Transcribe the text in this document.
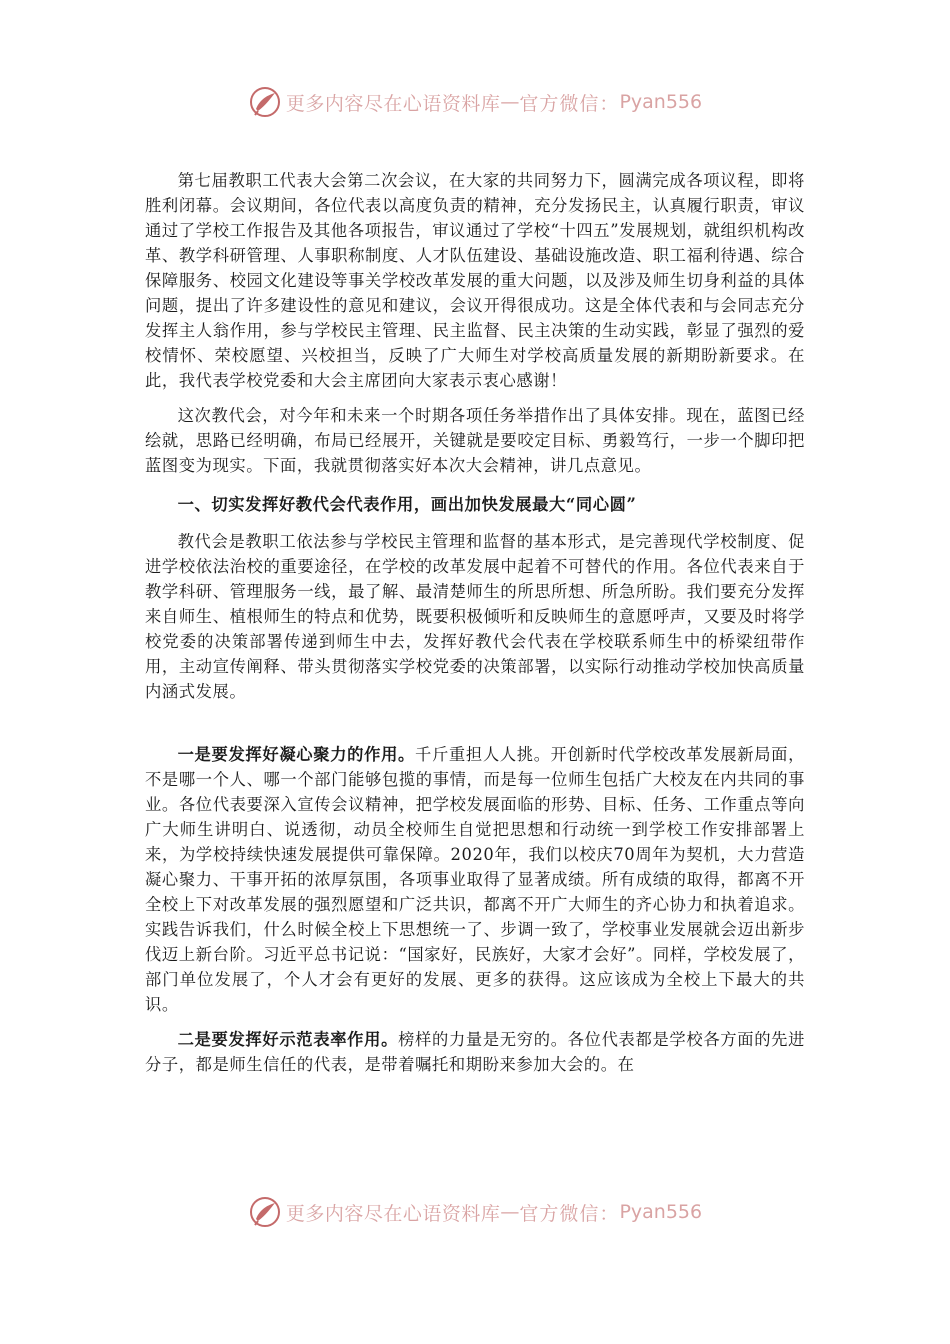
更多内容尽在心语资料库 — 官方微信： Pyan556

第七届教职工代表大会第二次会议，在大家的共同努力下，圆满完成各项议程，即将胜利闭幕。会议期间，各位代表以高度负责的精神，充分发扬民主，认真履行职责，审议通过了学校工作报告及其他各项报告，审议通过了学校“十四五”发展规划，就组织机构改革、教学科研管理、人事职称制度、人才队伍建设、基础设施改造、职工福利待遇、综合保障服务、校园文化建设等事关学校改革发展的重大问题，以及涉及师生切身利益的具体问题，提出了许多建设性的意见和建议，会议开得很成功。这是全体代表和与会同志充分发挥主人翁作用，参与学校民主管理、民主监督、民主决策的生动实践，彰显了强烈的爱校情怀、荣校愿望、兴校担当，反映了广大师生对学校高质量发展的新期盼新要求。在此，我代表学校党委和大会主席团向大家表示衷心感谢！

这次教代会，对今年和未来一个时期各项任务举措作出了具体安排。现在，蓝图已经绘就，思路已经明确，布局已经展开，关键就是要咬定目标、勇毅笃行，一步一个脚印把蓝图变为现实。下面，我就贯彻落实好本次大会精神，讲几点意见。

一、切实发挥好教代会代表作用，画出加快发展最大“同心圆”

教代会是教职工依法参与学校民主管理和监督的基本形式，是完善现代学校制度、促进学校依法治校的重要途径，在学校的改革发展中起着不可替代的作用。各位代表来自于教学科研、管理服务一线，最了解、最清楚师生的所思所想、所急所盼。我们要充分发挥来自师生、植根师生的特点和优势，既要积极倾听和反映师生的意愿呼声，又要及时将学校党委的决策部署传递到师生中去，发挥好教代会代表在学校联系师生中的桥梁纽带作用，主动宣传阐释、带头贯彻落实学校党委的决策部署，以实际行动推动学校加快高质量内涵式发展。

一是要发挥好凝心聚力的作用。千斤重担人人挑。开创新时代学校改革发展新局面，不是哪一个人、哪一个部门能够包揽的事情，而是每一位师生包括广大校友在内共同的事业。各位代表要深入宣传会议精神，把学校发展面临的形势、目标、任务、工作重点等向广大师生讲明白、说透彻，动员全校师生自觉把思想和行动统一到学校工作安排部署上来，为学校持续快速发展提供可靠保障。2020年，我们以校庆70周年为契机，大力营造凝心聚力、干事开拓的浓厚氛围，各项事业取得了显著成绩。所有成绩的取得，都离不开全校上下对改革发展的强烈愿望和广泛共识，都离不开广大师生的齐心协力和执着追求。实践告诉我们，什么时候全校上下思想统一了、步调一致了，学校事业发展就会迈出新步伐迈上新台阶。习近平总书记说：“国家好，民族好，大家才会好”。同样，学校发展了，部门单位发展了，个人才会有更好的发展、更多的获得。这应该成为全校上下最大的共识。

二是要发挥好示范表率作用。榜样的力量是无穷的。各位代表都是学校各方面的先进分子，都是师生信任的代表，是带着嘱托和期盼来参加大会的。在

更多内容尽在心语资料库 — 官方微信： Pyan556
